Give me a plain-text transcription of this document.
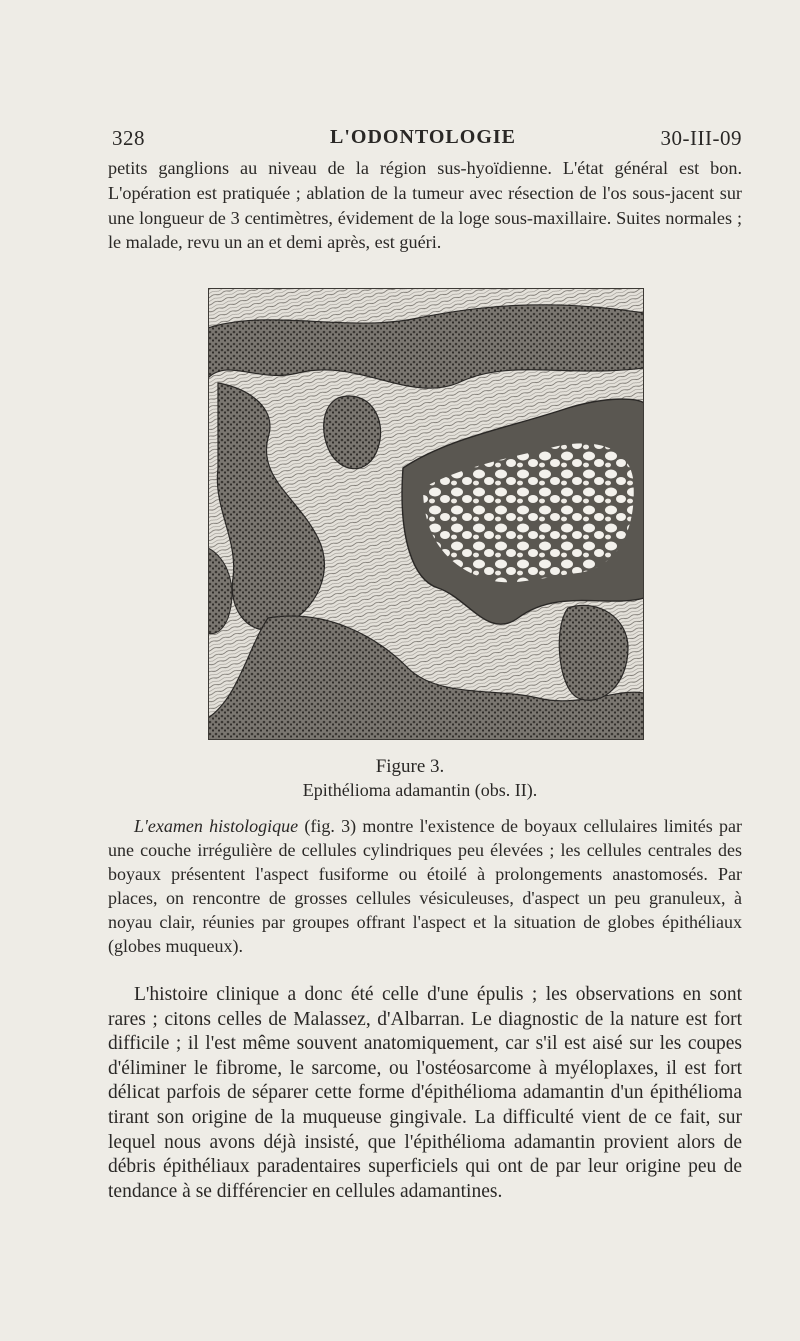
328	L'ODONTOLOGIE	30-III-09

petits ganglions au niveau de la région sus-hyoïdienne. L'état général est bon. L'opération est pratiquée ; ablation de la tumeur avec résection de l'os sous-jacent sur une longueur de 3 centimètres, évidement de la loge sous-maxillaire. Suites normales ; le malade, revu un an et demi après, est guéri.

Figure 3.
Epithélioma adamantin (obs. II).

L'examen histologique (fig. 3) montre l'existence de boyaux cellulaires limités par une couche irrégulière de cellules cylindriques peu élevées ; les cellules centrales des boyaux présentent l'aspect fusiforme ou étoilé à prolongements anastomosés. Par places, on rencontre de grosses cellules vésiculeuses, d'aspect un peu granuleux, à noyau clair, réunies par groupes offrant l'aspect et la situation de globes épithéliaux (globes muqueux).

L'histoire clinique a donc été celle d'une épulis ; les observations en sont rares ; citons celles de Malassez, d'Albarran. Le diagnostic de la nature est fort difficile ; il l'est même souvent anatomiquement, car s'il est aisé sur les coupes d'éliminer le fibrome, le sarcome, ou l'ostéosarcome à myéloplaxes, il est fort délicat parfois de séparer cette forme d'épithélioma adamantin d'un épithélioma tirant son origine de la muqueuse gingivale. La difficulté vient de ce fait, sur lequel nous avons déjà insisté, que l'épithélioma adamantin provient alors de débris épithéliaux paradentaires superficiels qui ont de par leur origine peu de tendance à se différencier en cellules adamantines.
